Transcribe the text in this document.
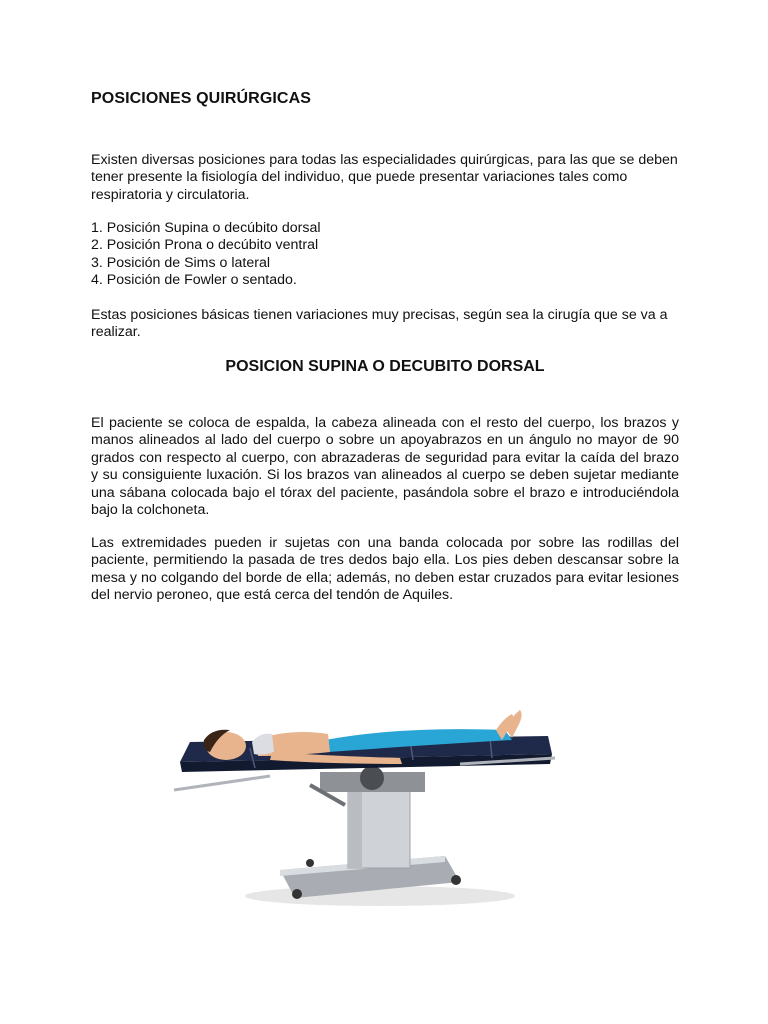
POSICIONES QUIRÚRGICAS

Existen diversas posiciones para todas las especialidades quirúrgicas, para las que se deben tener presente la fisiología del individuo, que puede presentar variaciones tales como respiratoria y circulatoria.

1. Posición Supina o decúbito dorsal
2. Posición Prona o decúbito ventral
3. Posición de Sims o lateral
4. Posición de Fowler o sentado.

Estas posiciones básicas tienen variaciones muy precisas, según sea la cirugía que se va a realizar.

POSICION SUPINA O DECUBITO DORSAL

El paciente se coloca de espalda, la cabeza alineada con el resto del cuerpo, los brazos y manos alineados al lado del cuerpo o sobre un apoyabrazos en un ángulo no mayor de 90 grados con respecto al cuerpo, con abrazaderas de seguridad para evitar la caída del brazo y su consiguiente luxación. Si los brazos van alineados al cuerpo se deben sujetar mediante una sábana colocada bajo el tórax del paciente, pasándola sobre el brazo e introduciéndola bajo la colchoneta.

Las extremidades pueden ir sujetas con una banda colocada por sobre las rodillas del paciente, permitiendo la pasada de tres dedos bajo ella. Los pies deben descansar sobre la mesa y no colgando del borde de ella; además, no deben estar cruzados para evitar lesiones del nervio peroneo, que está cerca del tendón de Aquiles.
